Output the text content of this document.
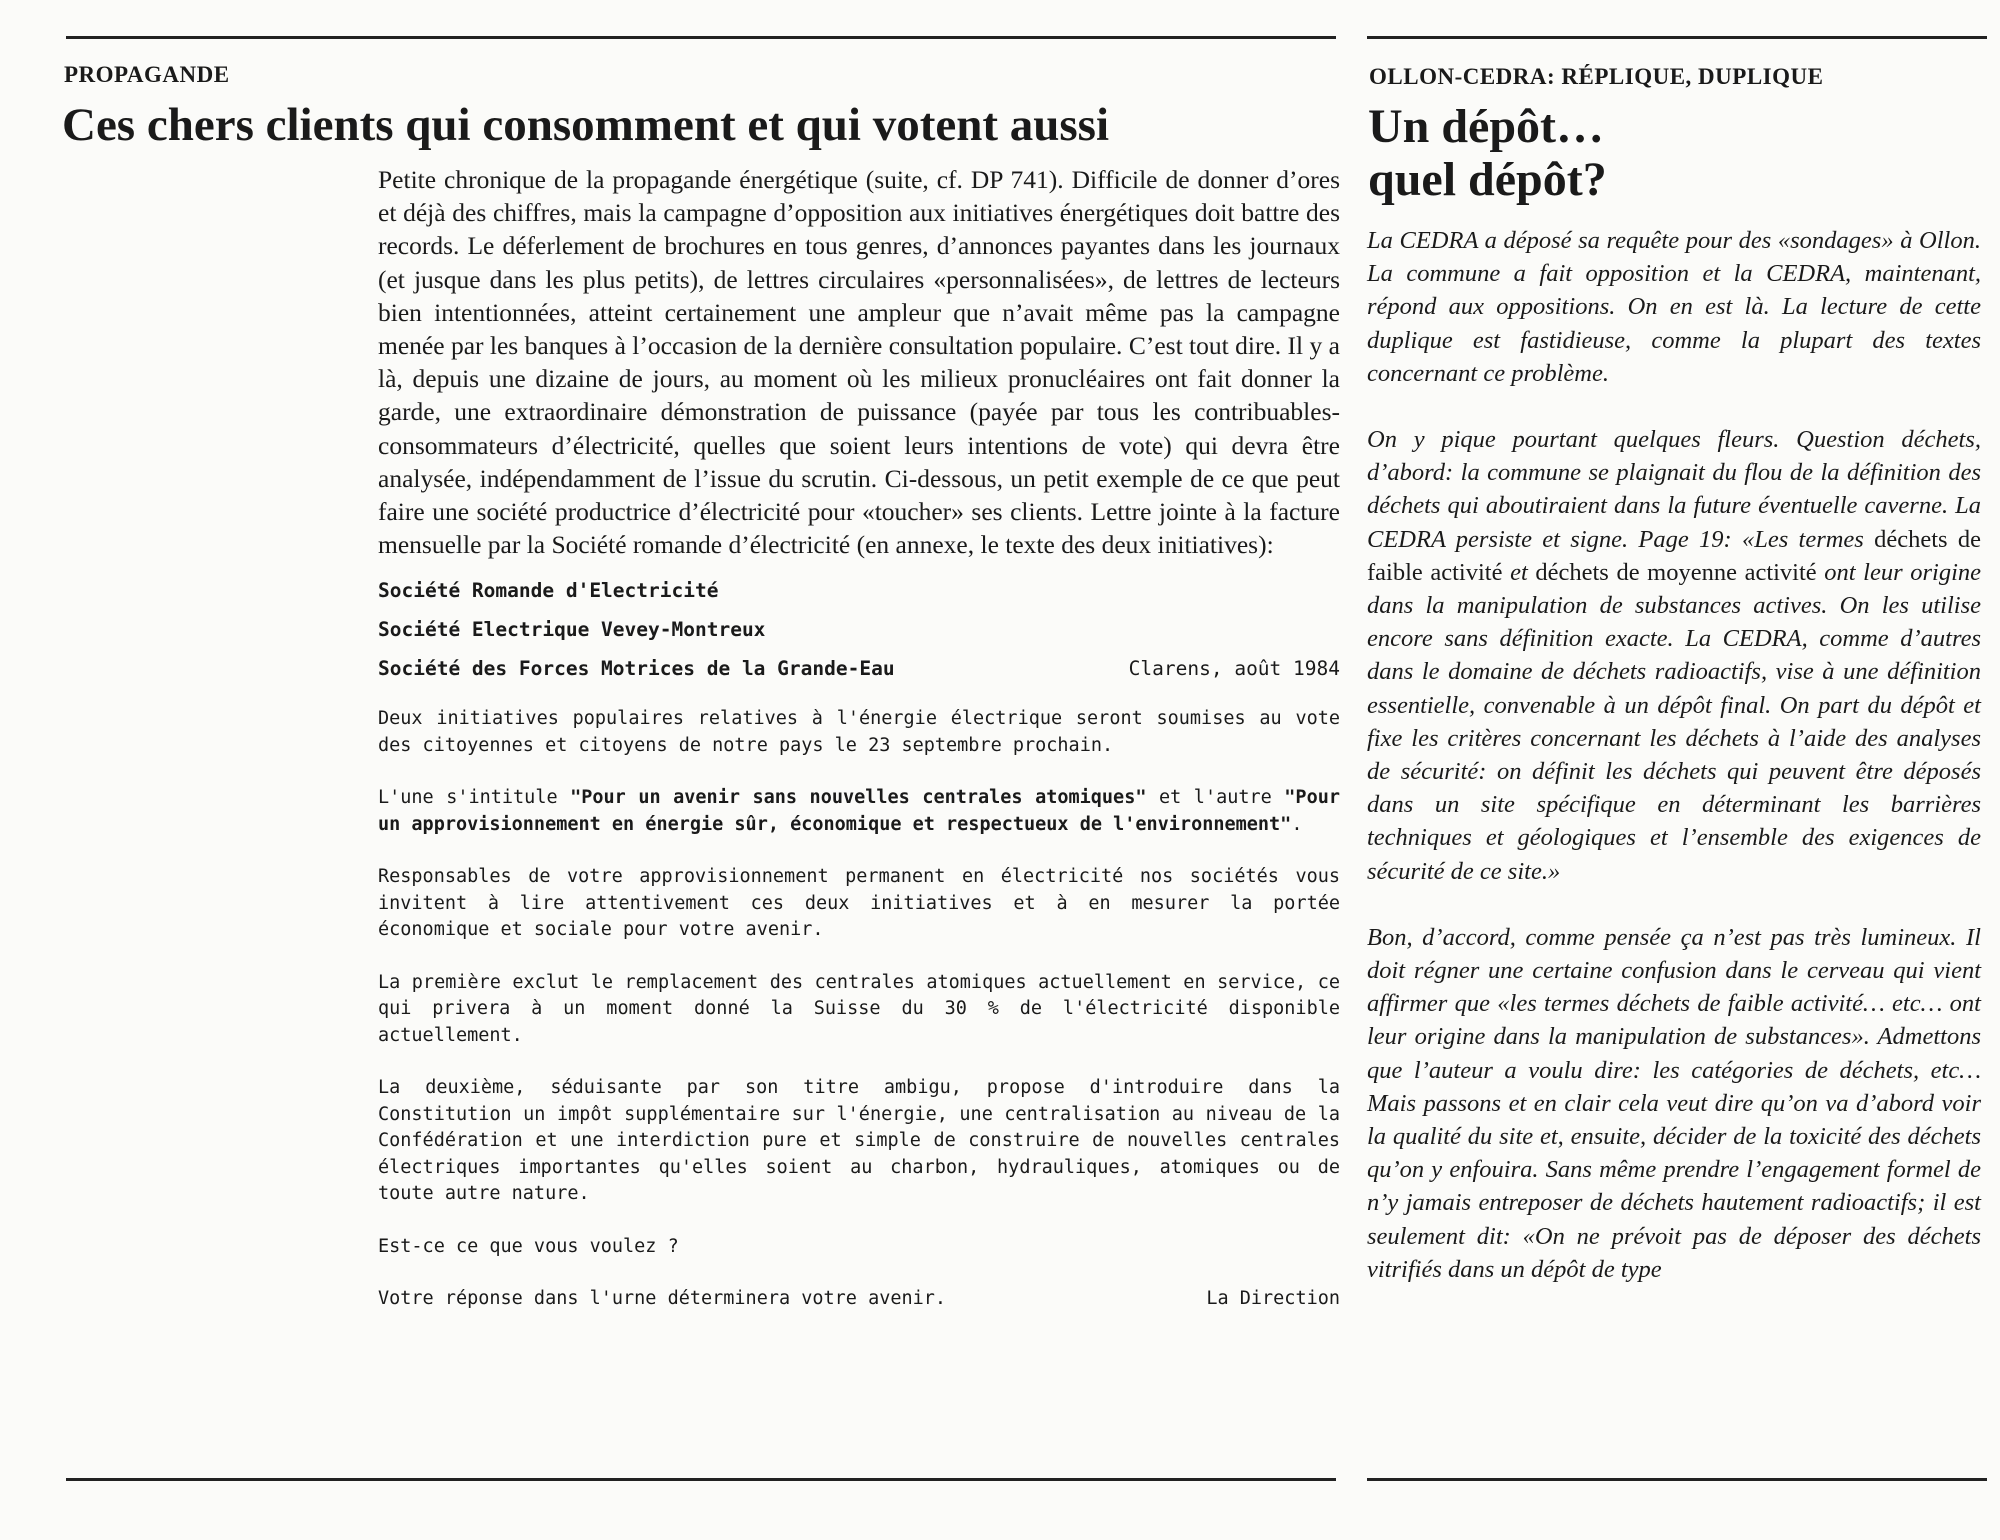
PROPAGANDE
Ces chers clients qui consomment et qui votent aussi

Petite chronique de la propagande énergétique (suite, cf. DP 741). Difficile de donner d’ores et déjà des chiffres, mais la campagne d’opposition aux initiatives énergétiques doit battre des records. Le déferlement de brochures en tous genres, d’annonces payantes dans les journaux (et jusque dans les plus petits), de lettres circulaires «personnalisées», de lettres de lecteurs bien intentionnées, atteint certainement une ampleur que n’avait même pas la campagne menée par les banques à l’occasion de la dernière consultation populaire. C’est tout dire. Il y a là, depuis une dizaine de jours, au moment où les milieux pronucléaires ont fait donner la garde, une extraordinaire démonstration de puissance (payée par tous les contribuables-consommateurs d’électricité, quelles que soient leurs intentions de vote) qui devra être analysée, indépendamment de l’issue du scrutin. Ci-dessous, un petit exemple de ce que peut faire une société productrice d’électricité pour «toucher» ses clients. Lettre jointe à la facture mensuelle par la Société romande d’électricité (en annexe, le texte des deux initiatives):

Société Romande d'Electricité
Société Electrique Vevey-Montreux
Société des Forces Motrices de la Grande-Eau	Clarens, août 1984

Deux initiatives populaires relatives à l'énergie électrique seront soumises au vote des citoyennes et citoyens de notre pays le 23 septembre prochain.

L'une s'intitule "Pour un avenir sans nouvelles centrales atomiques" et l'autre "Pour un approvisionnement en énergie sûr, économique et respectueux de l'environnement".

Responsables de votre approvisionnement permanent en électricité nos sociétés vous invitent à lire attentivement ces deux initiatives et à en mesurer la portée économique et sociale pour votre avenir.

La première exclut le remplacement des centrales atomiques actuellement en service, ce qui privera à un moment donné la Suisse du 30 % de l'électricité disponible actuellement.

La deuxième, séduisante par son titre ambigu, propose d'introduire dans la Constitution un impôt supplémentaire sur l'énergie, une centralisation au niveau de la Confédération et une interdiction pure et simple de construire de nouvelles centrales électriques importantes qu'elles soient au charbon, hydrauliques, atomiques ou de toute autre nature.

Est-ce ce que vous voulez ?

Votre réponse dans l'urne déterminera votre avenir.	La Direction
OLLON-CEDRA: RÉPLIQUE, DUPLIQUE
Un dépôt…
quel dépôt?

La CEDRA a déposé sa requête pour des «sondages» à Ollon. La commune a fait opposition et la CEDRA, maintenant, répond aux oppositions. On en est là. La lecture de cette duplique est fastidieuse, comme la plupart des textes concernant ce problème.

On y pique pourtant quelques fleurs. Question déchets, d’abord: la commune se plaignait du flou de la définition des déchets qui aboutiraient dans la future éventuelle caverne. La CEDRA persiste et signe. Page 19: «Les termes déchets de faible activité et déchets de moyenne activité ont leur origine dans la manipulation de substances actives. On les utilise encore sans définition exacte. La CEDRA, comme d’autres dans le domaine de déchets radioactifs, vise à une définition essentielle, convenable à un dépôt final. On part du dépôt et fixe les critères concernant les déchets à l’aide des analyses de sécurité: on définit les déchets qui peuvent être déposés dans un site spécifique en déterminant les barrières techniques et géologiques et l’ensemble des exigences de sécurité de ce site.»

Bon, d’accord, comme pensée ça n’est pas très lumineux. Il doit régner une certaine confusion dans le cerveau qui vient affirmer que «les termes déchets de faible activité… etc… ont leur origine dans la manipulation de substances». Admettons que l’auteur a voulu dire: les catégories de déchets, etc… Mais passons et en clair cela veut dire qu’on va d’abord voir la qualité du site et, ensuite, décider de la toxicité des déchets qu’on y enfouira. Sans même prendre l’engagement formel de n’y jamais entreposer de déchets hautement radioactifs; il est seulement dit: «On ne prévoit pas de déposer des déchets vitrifiés dans un dépôt de type
